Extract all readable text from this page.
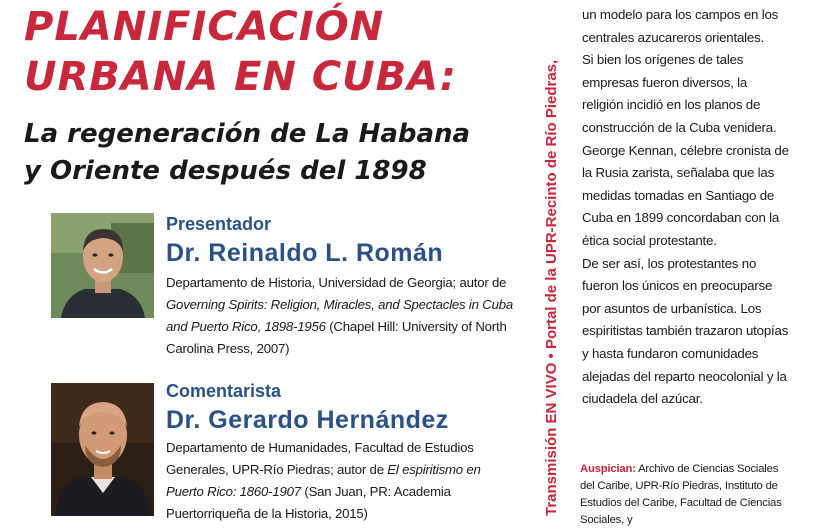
PLANIFICACIÓN
URBANA EN CUBA:
La regeneración de La Habana
y Oriente después del 1898
Presentador
Dr. Reinaldo L. Román
Departamento de Historia, Universidad de Georgia; autor de Governing Spirits: Religion, Miracles, and Spectacles in Cuba and Puerto Rico, 1898-1956 (Chapel Hill: University of North Carolina Press, 2007)
Comentarista
Dr. Gerardo Hernández
Departamento de Humanidades, Facultad de Estudios Generales, UPR-Río Piedras; autor de El espiritismo en Puerto Rico: 1860-1907 (San Juan, PR: Academia Puertorriqueña de la Historia, 2015)	Transmisión EN VIVO • Portal de la UPR-Recinto de Río Piedras,

un modelo para los campos en los centrales azucareros orientales.

Si bien los orígenes de tales empresas fueron diversos, la religión incidió en los planos de construcción de la Cuba venidera. George Kennan, célebre cronista de la Rusia zarista, señalaba que las medidas tomadas en Santiago de Cuba en 1899 concordaban con la ética social protestante.

De ser así, los protestantes no fueron los únicos en preocuparse por asuntos de urbanística. Los espiritistas también trazaron utopías y hasta fundaron comunidades alejadas del reparto neocolonial y la ciudadela del azúcar.

Auspician: Archivo de Ciencias Sociales del Caribe, UPR-Río Piedras, Instituto de Estudios del Caribe, Facultad de Ciencias Sociales, y
